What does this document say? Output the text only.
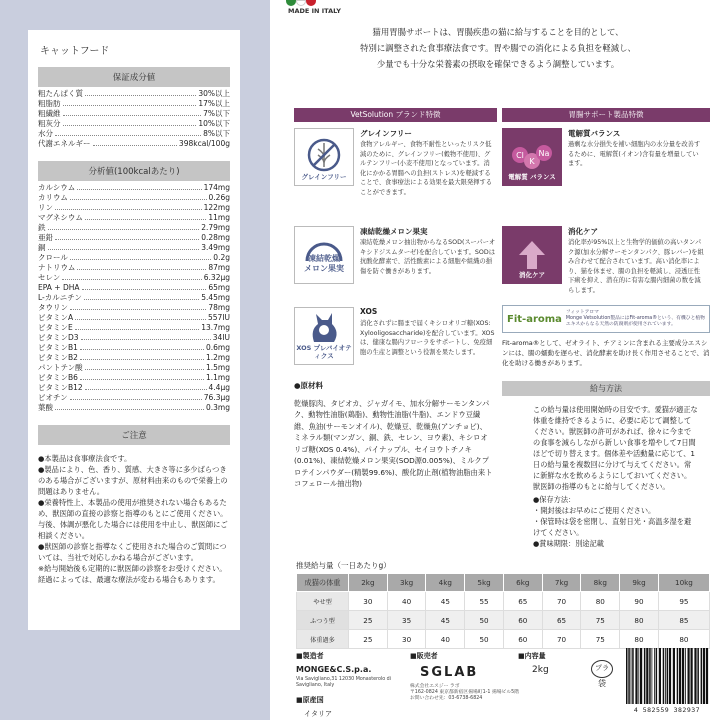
キャットフード
保証成分値
粗たんぱく質	30%以上
粗脂肪	17%以上
粗繊維	7%以下
粗灰分	10%以下
水分	8%以下
代謝エネルギー	398kcal/100g
分析値(100kcalあたり)
カルシウム	174mg
カリウム	0.26g
リン	122mg
マグネシウム	11mg
鉄	2.79mg
亜鉛	0.28mg
銅	3.49mg
クロール	0.2g
ナトリウム	87mg
セレン	6.32μg
EPA + DHA	65mg
L-カルニチン	5.45mg
タウリン	78mg
ビタミンA	557IU
ビタミンE	13.7mg
ビタミンD3	34IU
ビタミンB1	0.6mg
ビタミンB2	1.2mg
パントテン酸	1.5mg
ビタミンB6	1.1mg
ビタミンB12	4.4μg
ビオチン	76.3μg
葉酸	0.3mg
ご注意

●本製品は食事療法食です。

●製品により、色、香り、質感、大きさ等に多少ばらつきのある場合がございますが、原材料由来のもので栄養上の問題はありません。

●栄養特性上、本製品の使用が推奨されない場合もあるため、獣医師の直接の診察と指導のもとにご使用ください。

与後、体調が悪化した場合には使用を中止し、獣医師にご相談ください。

●獣医師の診察と指導なくご使用された場合のご質問については、当社で対応しかねる場合がございます。

※給与開始後も定期的に獣医師の診察をお受けください。経過によっては、最適な療法が変わる場合もあります。

MADE IN ITALY
猫用胃腸サポートは、胃腸疾患の猫に給与することを目的として、
特別に調整された食事療法食です。胃や腸での消化による負担を軽減し、
少量でも十分な栄養素の摂取を確保できるよう調整しています。
VetSolution ブランド特徴	胃腸サポート製品特徴
グレインフリー
グレインフリー
食物アレルギー、食物不耐性といったリスク低減のために、グレインフリー(穀物不使用)、グルテンフリー(小麦不使用)となっています。消化にかかる胃腸への負担(ストレス)を軽減することで、食事療法による効果を最大限発揮することができます。
凍結乾燥
メロン果実
凍結乾燥メロン果実
凍結乾燥メロン抽出物からなるSOD(スーパーオキシドジスムターゼ)を配合しています。SODは抗酸化酵素で、活性酸素による細胞や組織の損傷を防ぐ働きがあります。
XOS プレバイオティクス
XOS
消化されずに腸まで届くキシロオリゴ糖(XOS: Xylooligosaccharide)を配合しています。XOSは、健康な腸内フローラをサポートし、免疫細胞の生産と調整という役割を果たします。
Cl
K
Na
電解質 バランス
電解質バランス
過剰な水分損失を補い細胞内の水分量を改善するために、電解質(イオン)含有量を増量しています。
消化ケア
消化ケア
消化率が95%以上と生物学的価値の高いタンパク源(加水分解サーモンタンパク、豚レバー)を組み合わせて配合されています。高い消化率により、猫を休ませ、腸の負担を軽減し、浸透圧性下痢を抑え、潜在的に有害な腸内細菌の数を減らします。
Fit-aroma
フィットアロマ
Monge Vetsolution製品にはFit-aroma®という、有機ひと植物エキスからなる天然の防腐剤が使用されています。
Fit-aroma®として、ゼオライト、チアミンに含まれる主要成分エスシンには、腸の蠕動を遅らせ、消化酵素を助け長く作用させることで、消化を助ける働きがあります。
●原材料
乾燥豚肉、タピオカ、ジャガイモ、加水分解サーモンタンパク、動物性油脂(鶏脂)、動物性油脂(牛脂)、エンドウ豆繊維、魚油(サーモンオイル)、乾燥豆、乾燥魚(アンチョビ)、ミネラル類(マンガン、銅、鉄、セレン、ヨウ素)、キシロオリゴ糖(XOS 0.4%)、パイナップル、セイヨウトチノキ(0.01%)、凍結乾燥メロン果実(SOD源0.005%)、ミルクプロテインパウダー(精製99.6%)、酸化防止剤(植物油脂由来トコフェロール抽出物)
給与方法
この給与量は使用開始時の目安です。愛猫が適正な体重を維持できるように、必要に応じて調整してください。獣医師の許可があれば、徐々に今までの食事を減らしながら新しい食事を増やして7日間ほどで切り替えます。個体差や活動量に応じて、1日の給与量を複数回に分けて与えてください。常に新鮮な水を飲めるようにしておいてください。獣医師の指導のもとに給与してください。
●保存方法：
・開封後はお早めにご使用ください。
・保管時は袋を密閉し、直射日光・高温多湿を避けてください。
●賞味期限：別途記載
推奨給与量（一日あたりg）
成猫の体重	2kg	3kg	4kg	5kg	6kg	7kg	8kg	9kg	10kg
やせ型	30	40	45	55	65	70	80	90	95
ふつう型	25	35	45	50	60	65	75	80	85
体重過多	25	30	40	50	60	70	75	80	80
■製造者
MONGE&C.S.p.a.
Via Savigliano,31 12030 Monasterolo di Savigliano, Italy
■原産国
イタリア
■販売者
SGLAB
株式会社エスジー ラボ
〒162-0824 東京都新宿区揚場町1-1 揚場ビル5階
お問い合わせ先：03-6738-6824
■内容量
2kg	プラ
袋
4 582559 382937
